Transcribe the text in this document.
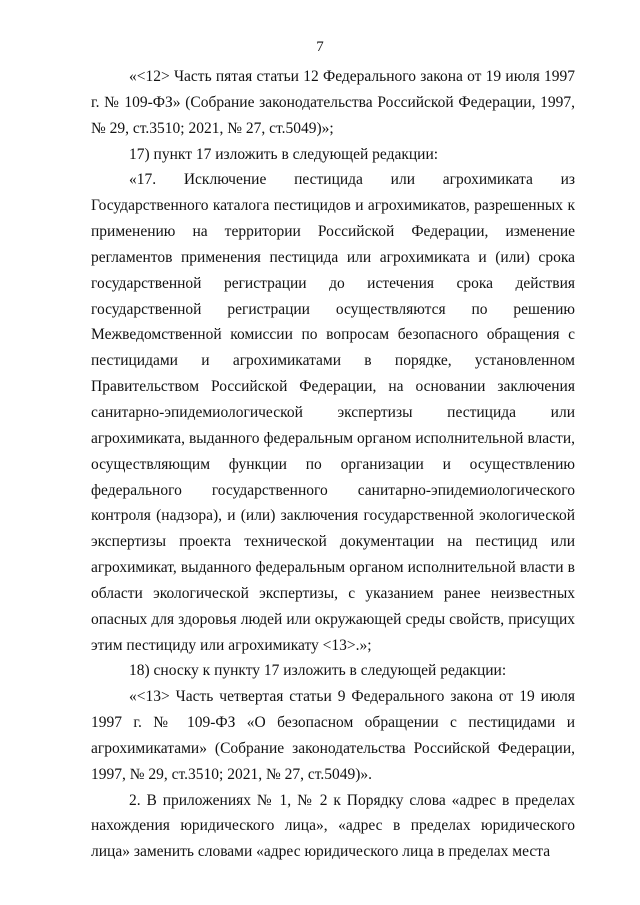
7

«<12> Часть пятая статьи 12 Федерального закона от 19 июля 1997 г. № 109-ФЗ» (Собрание законодательства Российской Федерации, 1997, № 29, ст.3510; 2021, № 27, ст.5049)»;

17) пункт 17 изложить в следующей редакции:

«17. Исключение пестицида или агрохимиката из Государственного каталога пестицидов и агрохимикатов, разрешенных к применению на территории Российской Федерации, изменение регламентов применения пестицида или агрохимиката и (или) срока государственной регистрации до истечения срока действия государственной регистрации осуществляются по решению Межведомственной комиссии по вопросам безопасного обращения с пестицидами и агрохимикатами в порядке, установленном Правительством Российской Федерации, на основании заключения санитарно-эпидемиологической экспертизы пестицида или агрохимиката, выданного федеральным органом исполнительной власти, осуществляющим функции по организации и осуществлению федерального государственного санитарно-эпидемиологического контроля (надзора), и (или) заключения государственной экологической экспертизы проекта технической документации на пестицид или агрохимикат, выданного федеральным органом исполнительной власти в области экологической экспертизы, с указанием ранее неизвестных опасных для здоровья людей или окружающей среды свойств, присущих этим пестициду или агрохимикату <13>.»;

18) сноску к пункту 17 изложить в следующей редакции:

«<13> Часть четвертая статьи 9 Федерального закона от 19 июля 1997 г. № 109-ФЗ «О безопасном обращении с пестицидами и агрохимикатами» (Собрание законодательства Российской Федерации, 1997, № 29, ст.3510; 2021, № 27, ст.5049)».

2. В приложениях № 1, № 2 к Порядку слова «адрес в пределах нахождения юридического лица», «адрес в пределах юридического лица» заменить словами «адрес юридического лица в пределах места
